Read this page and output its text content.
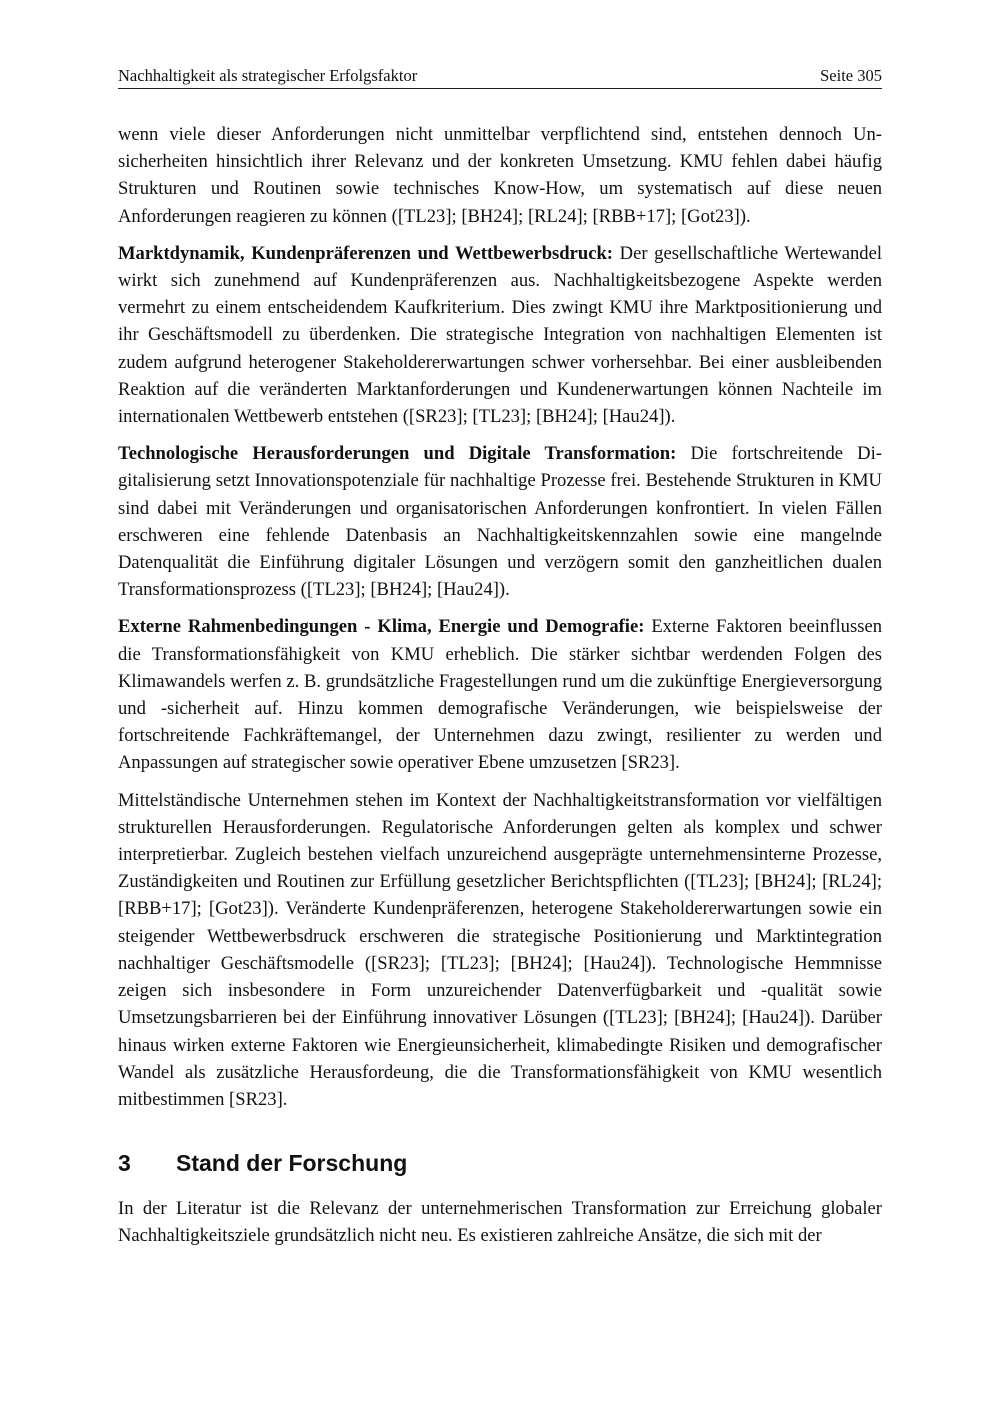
Nachhaltigkeit als strategischer Erfolgsfaktor	Seite 305

wenn viele dieser Anforderungen nicht unmittelbar verpflichtend sind, entstehen dennoch Unsicherheiten hinsichtlich ihrer Relevanz und der konkreten Umsetzung. KMU fehlen dabei häufig Strukturen und Routinen sowie technisches Know-How, um systematisch auf diese neuen Anforderungen reagieren zu können ([TL23]; [BH24]; [RL24]; [RBB+17]; [Got23]).

Marktdynamik, Kundenpräferenzen und Wettbewerbsdruck: Der gesellschaftliche Wertewandel wirkt sich zunehmend auf Kundenpräferenzen aus. Nachhaltigkeitsbezogene Aspekte werden vermehrt zu einem entscheidendem Kaufkriterium. Dies zwingt KMU ihre Marktpositionierung und ihr Geschäftsmodell zu überdenken. Die strategische Integration von nachhaltigen Elementen ist zudem aufgrund heterogener Stakeholdererwartungen schwer vorhersehbar. Bei einer ausbleibenden Reaktion auf die veränderten Marktanforderungen und Kundenerwartungen können Nachteile im internationalen Wettbewerb entstehen ([SR23]; [TL23]; [BH24]; [Hau24]).

Technologische Herausforderungen und Digitale Transformation: Die fortschreitende Digitalisierung setzt Innovationspotenziale für nachhaltige Prozesse frei. Bestehende Strukturen in KMU sind dabei mit Veränderungen und organisatorischen Anforderungen konfrontiert. In vielen Fällen erschweren eine fehlende Datenbasis an Nachhaltigkeitskennzahlen sowie eine mangelnde Datenqualität die Einführung digitaler Lösungen und verzögern somit den ganzheitlichen dualen Transformationsprozess ([TL23]; [BH24]; [Hau24]).

Externe Rahmenbedingungen - Klima, Energie und Demografie: Externe Faktoren beeinflussen die Transformationsfähigkeit von KMU erheblich. Die stärker sichtbar werdenden Folgen des Klimawandels werfen z. B. grundsätzliche Fragestellungen rund um die zukünftige Energieversorgung und -sicherheit auf. Hinzu kommen demografische Veränderungen, wie beispielsweise der fortschreitende Fachkräftemangel, der Unternehmen dazu zwingt, resilienter zu werden und Anpassungen auf strategischer sowie operativer Ebene umzusetzen [SR23].

Mittelständische Unternehmen stehen im Kontext der Nachhaltigkeitstransformation vor vielfältigen strukturellen Herausforderungen. Regulatorische Anforderungen gelten als komplex und schwer interpretierbar. Zugleich bestehen vielfach unzureichend ausgeprägte unternehmensinterne Prozesse, Zuständigkeiten und Routinen zur Erfüllung gesetzlicher Berichtspflichten ([TL23]; [BH24]; [RL24]; [RBB+17]; [Got23]). Veränderte Kundenpräferenzen, heterogene Stakeholdererwartungen sowie ein steigender Wettbewerbsdruck erschweren die strategische Positionierung und Marktintegration nachhaltiger Geschäftsmodelle ([SR23]; [TL23]; [BH24]; [Hau24]). Technologische Hemmnisse zeigen sich insbesondere in Form unzureichender Datenverfügbarkeit und -qualität sowie Umsetzungsbarrieren bei der Einführung innovativer Lösungen ([TL23]; [BH24]; [Hau24]). Darüber hinaus wirken externe Faktoren wie Energieunsicherheit, klimabedingte Risiken und demografischer Wandel als zusätzliche Herausfordeung, die die Transformationsfähigkeit von KMU wesentlich mitbestimmen [SR23].

3	Stand der Forschung

In der Literatur ist die Relevanz der unternehmerischen Transformation zur Erreichung globaler Nachhaltigkeitsziele grundsätzlich nicht neu. Es existieren zahlreiche Ansätze, die sich mit der
